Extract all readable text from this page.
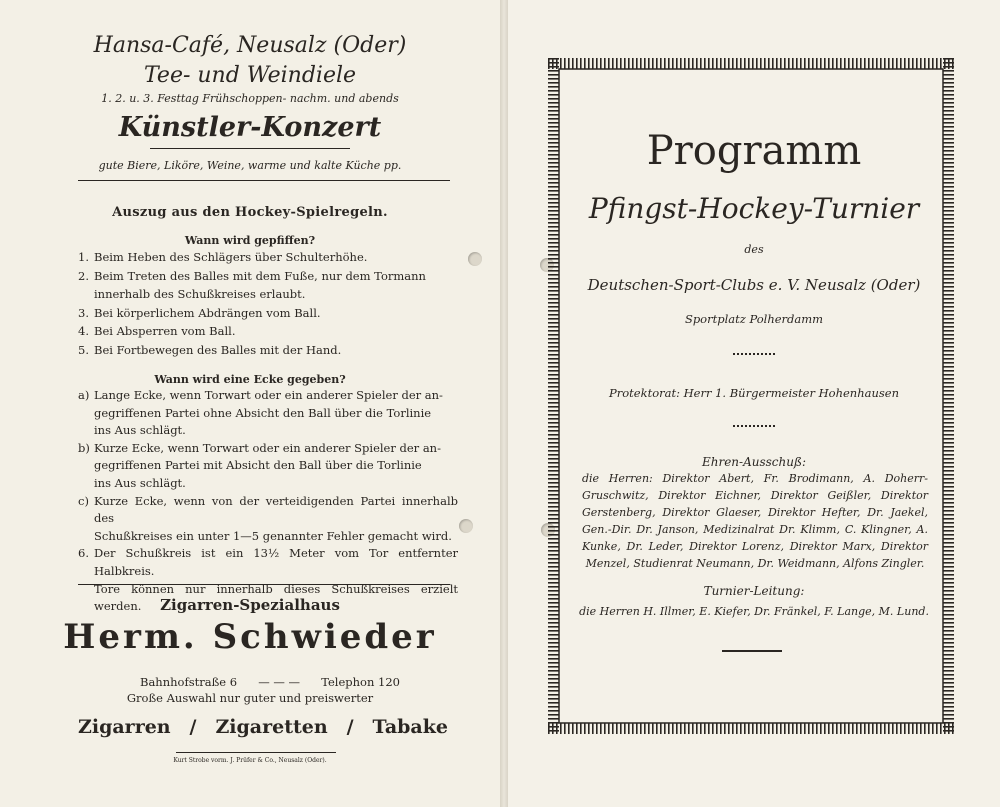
Hansa-Café, Neusalz (Oder)
Tee- und Weindiele
1. 2. u. 3. Festtag Frühschoppen- nachm. und abends
Künstler-Konzert
gute Biere, Liköre, Weine, warme und kalte Küche pp.
Auszug aus den Hockey-Spielregeln.
Wann wird gepfiffen?
1. Beim Heben des Schlägers über Schulterhöhe.
2. Beim Treten des Balles mit dem Fuße, nur dem Tormann
innerhalb des Schußkreises erlaubt.
3. Bei körperlichem Abdrängen vom Ball.
4. Bei Absperren vom Ball.
5. Bei Fortbewegen des Balles mit der Hand.
Wann wird eine Ecke gegeben?
a) Lange Ecke, wenn Torwart oder ein anderer Spieler der an-
gegriffenen Partei ohne Absicht den Ball über die Torlinie
ins Aus schlägt.
b) Kurze Ecke, wenn Torwart oder ein anderer Spieler der an-
gegriffenen Partei mit Absicht den Ball über die Torlinie
ins Aus schlägt.
c) Kurze Ecke, wenn von der verteidigenden Partei innerhalb des
Schußkreises ein unter 1—5 genannter Fehler gemacht wird.
6. Der Schußkreis ist ein 13½ Meter vom Tor entfernter Halbkreis.
Tore können nur innerhalb dieses Schußkreises erzielt werden.	Zigarren-Spezialhaus
Herm. Schwieder
Bahnhofstraße 6 — — — Telephon 120
Große Auswahl nur guter und preiswerter
Zigarren / Zigaretten / Tabake
Kurt Strobe vorm. J. Prüfer & Co., Neusalz (Oder).
Programm
Pfingst-Hockey-Turnier
des
Deutschen-Sport-Clubs e. V. Neusalz (Oder)
Sportplatz Polherdamm
Protektorat: Herr 1. Bürgermeister Hohenhausen
Ehren-Ausschuß:
die Herren: Direktor Abert, Fr. Brodimann, A. Doherr-Gruschwitz, Direktor Eichner, Direktor Geißler, Direktor Gerstenberg, Direktor Glaeser, Direktor Hefter, Dr. Jaekel, Gen.-Dir. Dr. Janson, Medizinalrat Dr. Klimm, C. Klingner, A. Kunke, Dr. Leder, Direktor Lorenz, Direktor Marx, Direktor Menzel, Studienrat Neumann, Dr. Weidmann, Alfons Zingler.
Turnier-Leitung:
die Herren H. Illmer, E. Kiefer, Dr. Fränkel, F. Lange, M. Lund.
